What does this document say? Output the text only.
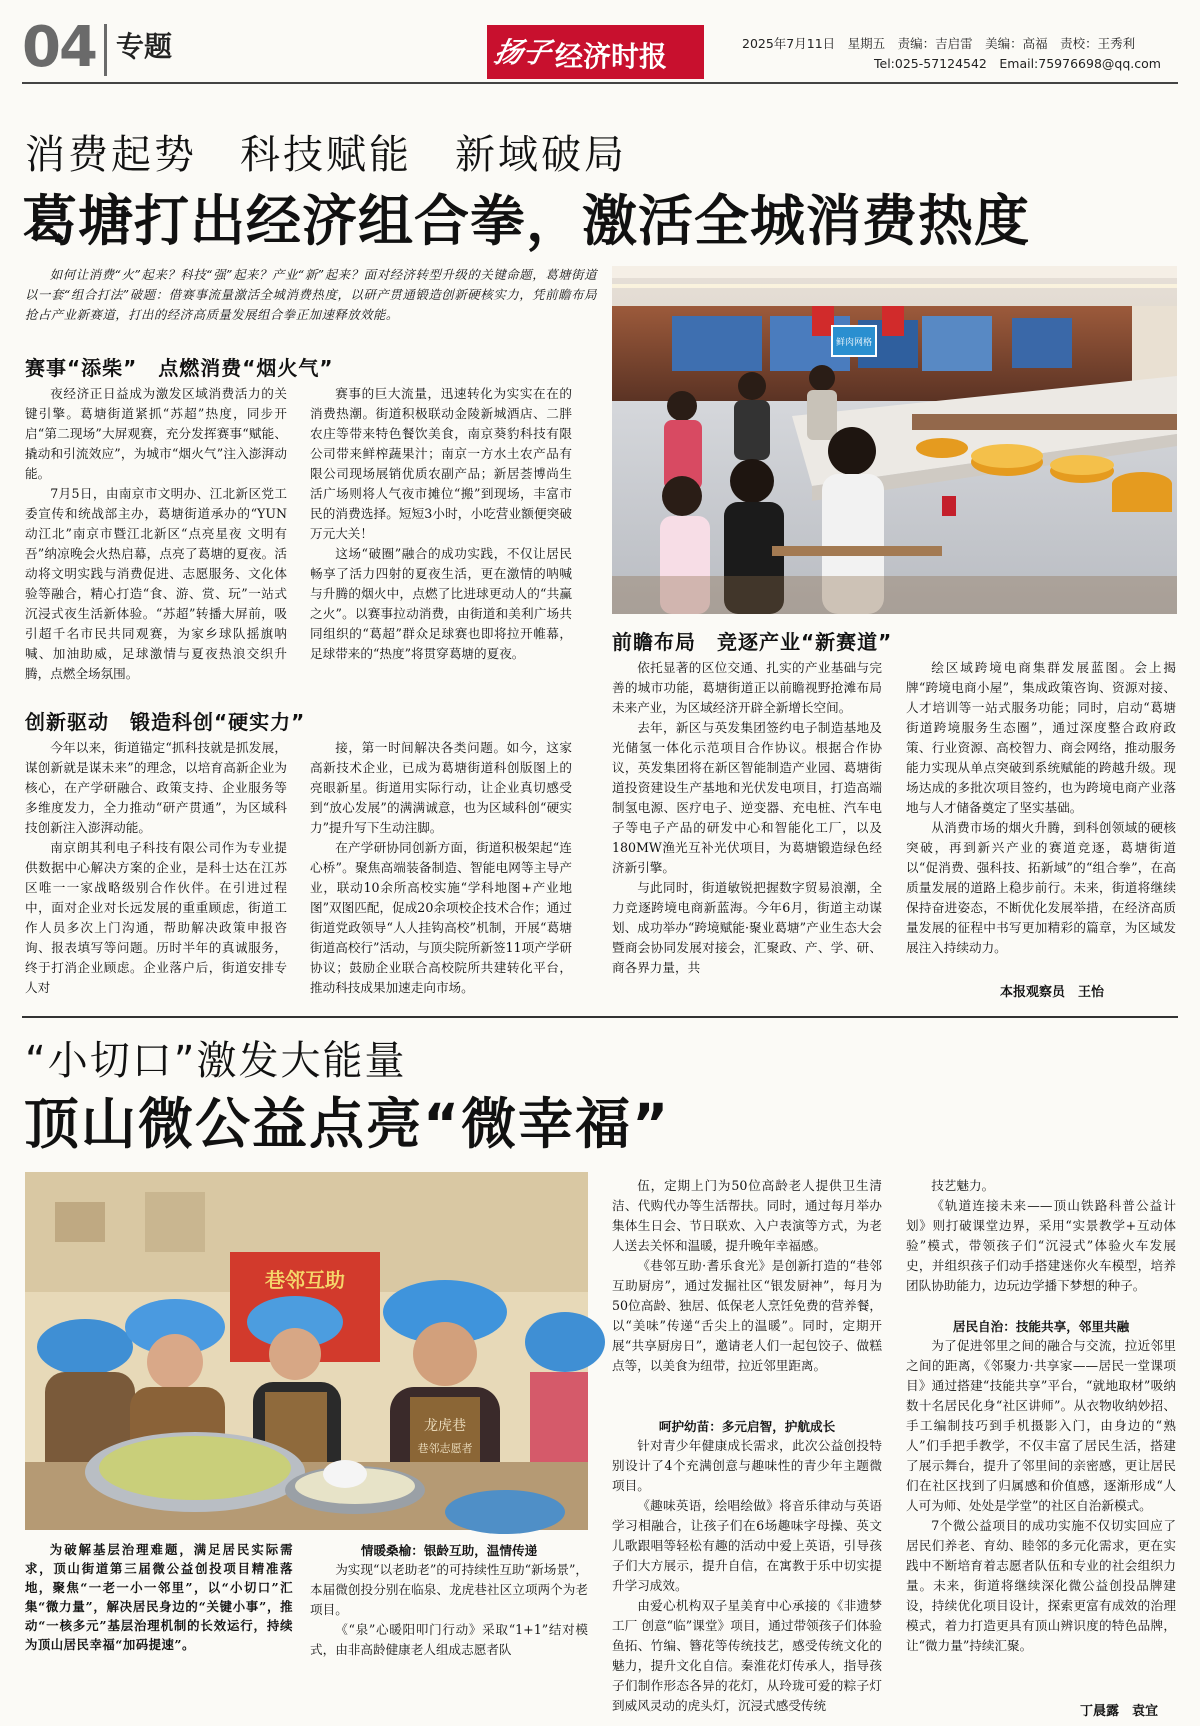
04 专题	扬子 经济时报	2025年7月11日　星期五　责编：吉启雷　美编：高福　责校：王秀利
Tel:025-57124542　Email:75976698@qq.com
消费起势　科技赋能　新域破局
葛塘打出经济组合拳，激活全城消费热度
如何让消费“火”起来？科技“强”起来？产业“新”起来？面对经济转型升级的关键命题，葛塘街道以一套“组合打法”破题：借赛事流量激活全城消费热度，以研产贯通锻造创新硬核实力，凭前瞻布局抢占产业新赛道，打出的经济高质量发展组合拳正加速释放效能。
鲜肉网格
赛事“添柴”　点燃消费“烟火气”

夜经济正日益成为激发区域消费活力的关键引擎。葛塘街道紧抓“苏超”热度，同步开启“第二现场”大屏观赛，充分发挥赛事“赋能、撬动和引流效应”，为城市“烟火气”注入澎湃动能。

7月5日，由南京市文明办、江北新区党工委宣传和统战部主办，葛塘街道承办的“YUN动江北”南京市暨江北新区“点亮星夜 文明有吾”纳凉晚会火热启幕，点亮了葛塘的夏夜。活动将文明实践与消费促进、志愿服务、文化体验等融合，精心打造“食、游、赏、玩”一站式沉浸式夜生活新体验。“苏超”转播大屏前，吸引超千名市民共同观赛，为家乡球队摇旗呐喊、加油助威，足球激情与夏夜热浪交织升腾，点燃全场氛围。

赛事的巨大流量，迅速转化为实实在在的消费热潮。街道积极联动金陵新城酒店、二胖农庄等带来特色餐饮美食，南京葵豹科技有限公司带来鲜榨蔬果汁；南京一方水土农产品有限公司现场展销优质农副产品；新居荟博尚生活广场则将人气夜市摊位“搬”到现场，丰富市民的消费选择。短短3小时，小吃营业额便突破万元大关！

这场“破圈”融合的成功实践，不仅让居民畅享了活力四射的夏夜生活，更在激情的呐喊与升腾的烟火中，点燃了比进球更动人的“共赢之火”。以赛事拉动消费，由街道和美利广场共同组织的“葛超”群众足球赛也即将拉开帷幕，足球带来的“热度”将贯穿葛塘的夏夜。

创新驱动　锻造科创“硬实力”

今年以来，街道锚定“抓科技就是抓发展，谋创新就是谋未来”的理念，以培育高新企业为核心，在产学研融合、政策支持、企业服务等多维度发力，全力推动“研产贯通”，为区域科技创新注入澎湃动能。

南京朗其利电子科技有限公司作为专业提供数据中心解决方案的企业，是科士达在江苏区唯一一家战略级别合作伙伴。在引进过程中，面对企业对长远发展的重重顾虑，街道工作人员多次上门沟通，帮助解决政策申报咨询、报表填写等问题。历时半年的真诚服务，终于打消企业顾虑。企业落户后，街道安排专人对

接，第一时间解决各类问题。如今，这家高新技术企业，已成为葛塘街道科创版图上的亮眼新星。街道用实际行动，让企业真切感受到“放心发展”的满满诚意，也为区域科创“硬实力”提升写下生动注脚。

在产学研协同创新方面，街道积极架起“连心桥”。聚焦高端装备制造、智能电网等主导产业，联动10余所高校实施“学科地图+产业地图”双图匹配，促成20余项校企技术合作；通过街道党政领导“人人挂钩高校”机制，开展“葛塘街道高校行”活动，与顶尖院所新签11项产学研协议；鼓励企业联合高校院所共建转化平台，推动科技成果加速走向市场。

前瞻布局　竞逐产业“新赛道”

依托显著的区位交通、扎实的产业基础与完善的城市功能，葛塘街道正以前瞻视野抢滩布局未来产业，为区域经济开辟全新增长空间。

去年，新区与英发集团签约电子制造基地及光储氢一体化示范项目合作协议。根据合作协议，英发集团将在新区智能制造产业园、葛塘街道投资建设生产基地和光伏发电项目，打造高端制氢电源、医疗电子、逆变器、充电桩、汽车电子等电子产品的研发中心和智能化工厂，以及180MW渔光互补光伏项目，为葛塘锻造绿色经济新引擎。

与此同时，街道敏锐把握数字贸易浪潮，全力竞逐跨境电商新蓝海。今年6月，街道主动谋划、成功举办“跨境赋能·聚业葛塘”产业生态大会暨商会协同发展对接会，汇聚政、产、学、研、商各界力量，共

绘区域跨境电商集群发展蓝图。会上揭牌“跨境电商小屋”，集成政策咨询、资源对接、人才培训等一站式服务功能；同时，启动“葛塘街道跨境服务生态圈”，通过深度整合政府政策、行业资源、高校智力、商会网络，推动服务能力实现从单点突破到系统赋能的跨越升级。现场达成的多批次项目签约，也为跨境电商产业落地与人才储备奠定了坚实基础。

从消费市场的烟火升腾，到科创领域的硬核突破，再到新兴产业的赛道竞逐，葛塘街道以“促消费、强科技、拓新域”的“组合拳”，在高质量发展的道路上稳步前行。未来，街道将继续保持奋进姿态，不断优化发展举措，在经济高质量发展的征程中书写更加精彩的篇章，为区域发展注入持续动力。

本报观察员　王怡
“小切口”激发大能量
顶山微公益点亮“微幸福”
巷邻互助
龙虎巷
巷邻志愿者
为破解基层治理难题，满足居民实际需求，顶山街道第三届微公益创投项目精准落地，聚焦“一老一小一邻里”，以“小切口”汇集“微力量”，解决居民身边的“关键小事”，推动“一核多元”基层治理机制的长效运行，持续为顶山居民幸福“加码提速”。
情暖桑榆：银龄互助，温情传递

为实现“以老助老”的可持续性互助“新场景”，本届微创投分别在临泉、龙虎巷社区立项两个为老项目。

《“泉”心暖阳叩门行动》采取“1+1”结对模式，由非高龄健康老人组成志愿者队

伍，定期上门为50位高龄老人提供卫生清洁、代购代办等生活帮扶。同时，通过每月举办集体生日会、节日联欢、入户表演等方式，为老人送去关怀和温暖，提升晚年幸福感。

《巷邻互助·耆乐食光》是创新打造的“巷邻互助厨房”，通过发掘社区“银发厨神”，每月为50位高龄、独居、低保老人烹饪免费的营养餐，以“美味”传递“舌尖上的温暖”。同时，定期开展“共享厨房日”，邀请老人们一起包饺子、做糕点等，以美食为纽带，拉近邻里距离。

呵护幼苗：多元启智，护航成长

针对青少年健康成长需求，此次公益创投特别设计了4个充满创意与趣味性的青少年主题微项目。

《趣味英语，绘唱绘做》将音乐律动与英语学习相融合，让孩子们在6场趣味字母操、英文儿歌跟唱等轻松有趣的活动中爱上英语，引导孩子们大方展示，提升自信，在寓教于乐中切实提升学习成效。

由爱心机构双子星美育中心承接的《非遗梦工厂 创意“临”课堂》项目，通过带领孩子们体验鱼拓、竹编、簪花等传统技艺，感受传统文化的魅力，提升文化自信。秦淮花灯传承人，指导孩子们制作形态各异的花灯，从玲珑可爱的粽子灯到威风灵动的虎头灯，沉浸式感受传统

技艺魅力。

《轨道连接未来——顶山铁路科普公益计划》则打破课堂边界，采用“实景教学+互动体验”模式，带领孩子们“沉浸式”体验火车发展史，并组织孩子们动手搭建迷你火车模型，培养团队协助能力，边玩边学播下梦想的种子。

居民自治：技能共享，邻里共融

为了促进邻里之间的融合与交流，拉近邻里之间的距离，《邻聚力·共享家——居民一堂课项目》通过搭建“技能共享”平台，“就地取材”吸纳数十名居民化身“社区讲师”。从衣物收纳妙招、手工编制技巧到手机摄影入门，由身边的“熟人”们手把手教学，不仅丰富了居民生活，搭建了展示舞台，提升了邻里间的亲密感，更让居民们在社区找到了归属感和价值感，逐渐形成“人人可为师、处处是学堂”的社区自治新模式。

7个微公益项目的成功实施不仅切实回应了居民们养老、育幼、睦邻的多元化需求，更在实践中不断培育着志愿者队伍和专业的社会组织力量。未来，街道将继续深化微公益创投品牌建设，持续优化项目设计，探索更富有成效的治理模式，着力打造更具有顶山辨识度的特色品牌，让“微力量”持续汇聚。

丁晨露　袁宜
